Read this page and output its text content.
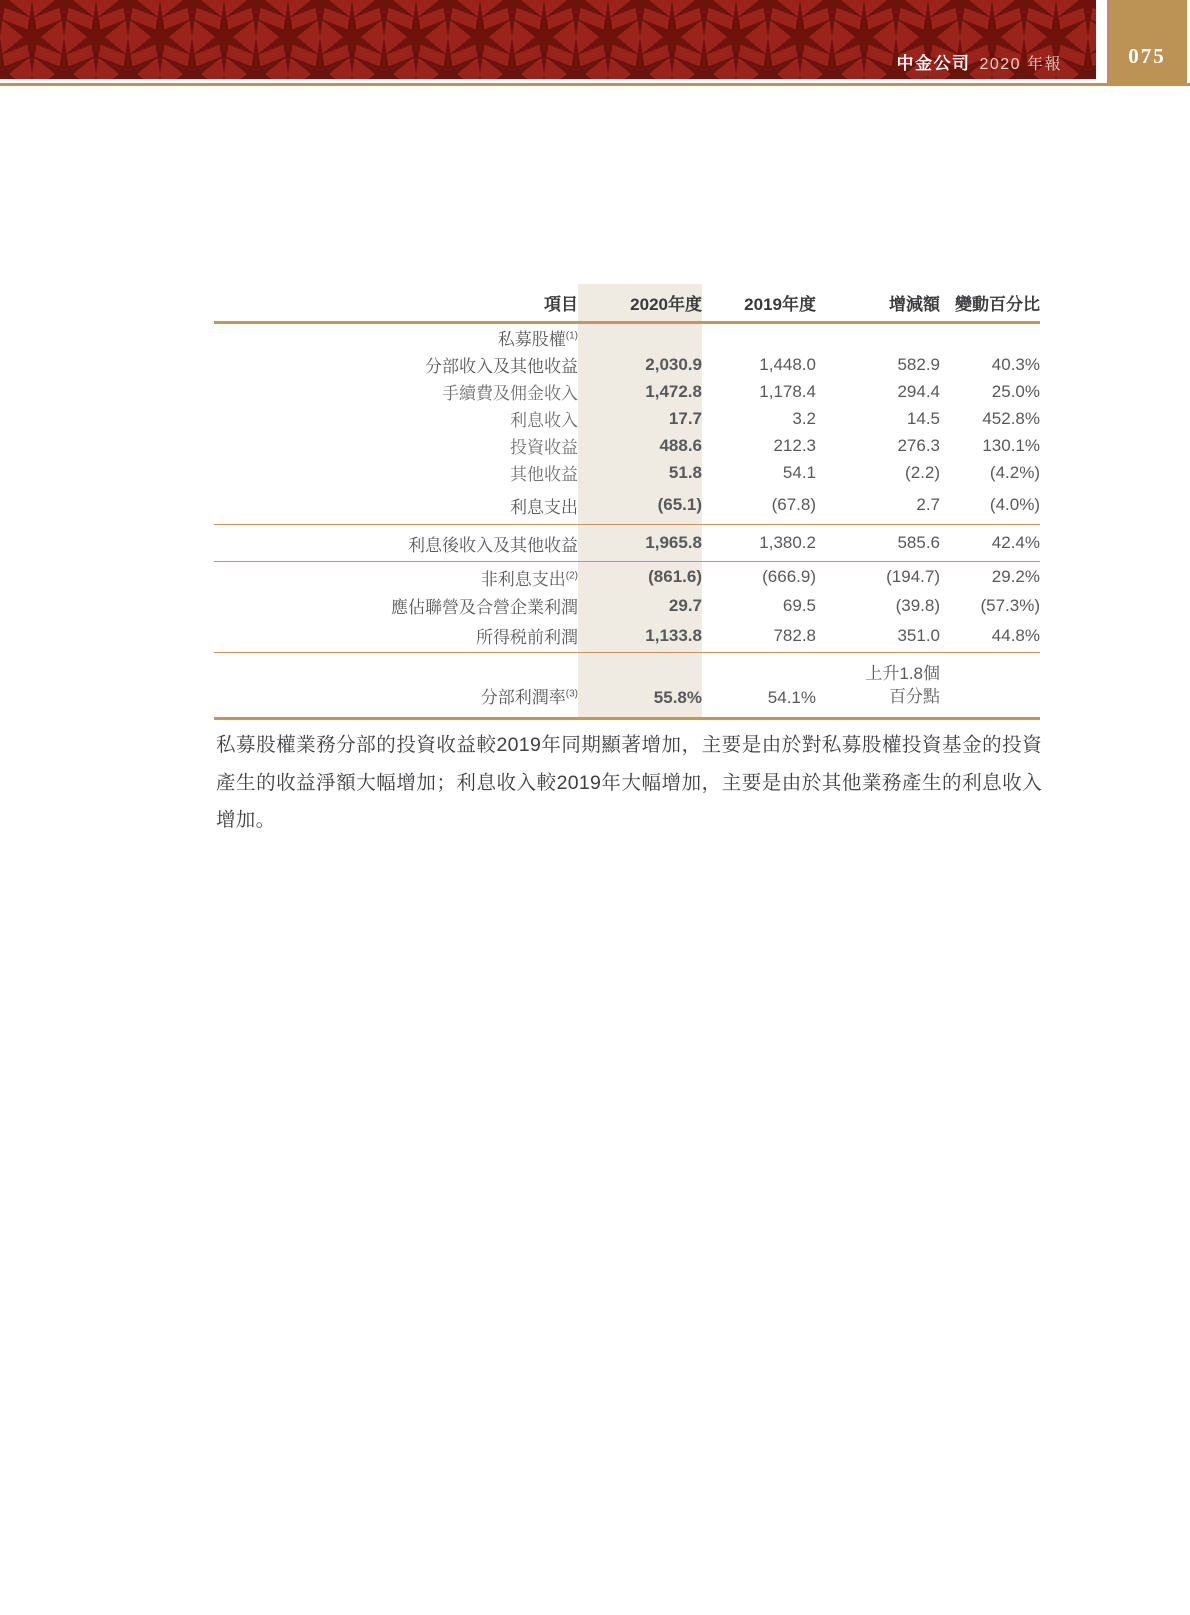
中金公司 2020 年報	075
項目	2020年度	2019年度	增減額	變動百分比
私募股權$^{(1)}$				
分部收入及其他收益	2,030.9	1,448.0	582.9	40.3%
手續費及佣金收入	1,472.8	1,178.4	294.4	25.0%
利息收入	17.7	3.2	14.5	452.8%
投資收益	488.6	212.3	276.3	130.1%
其他收益	51.8	54.1	(2.2)	(4.2%)
利息支出	(65.1)	(67.8)	2.7	(4.0%)
利息後收入及其他收益	1,965.8	1,380.2	585.6	42.4%
非利息支出$^{(2)}$	(861.6)	(666.9)	(194.7)	29.2%
應佔聯營及合營企業利潤	29.7	69.5	(39.8)	(57.3%)
所得税前利潤	1,133.8	782.8	351.0	44.8%
分部利潤率$^{(3)}$	55.8%	54.1%	上升1.8個
百分點	

私募股權業務分部的投資收益較2019年同期顯著增加，主要是由於對私募股權投資基金的投資產生的收益淨額大幅增加；利息收入較2019年大幅增加，主要是由於其他業務產生的利息收入增加。
